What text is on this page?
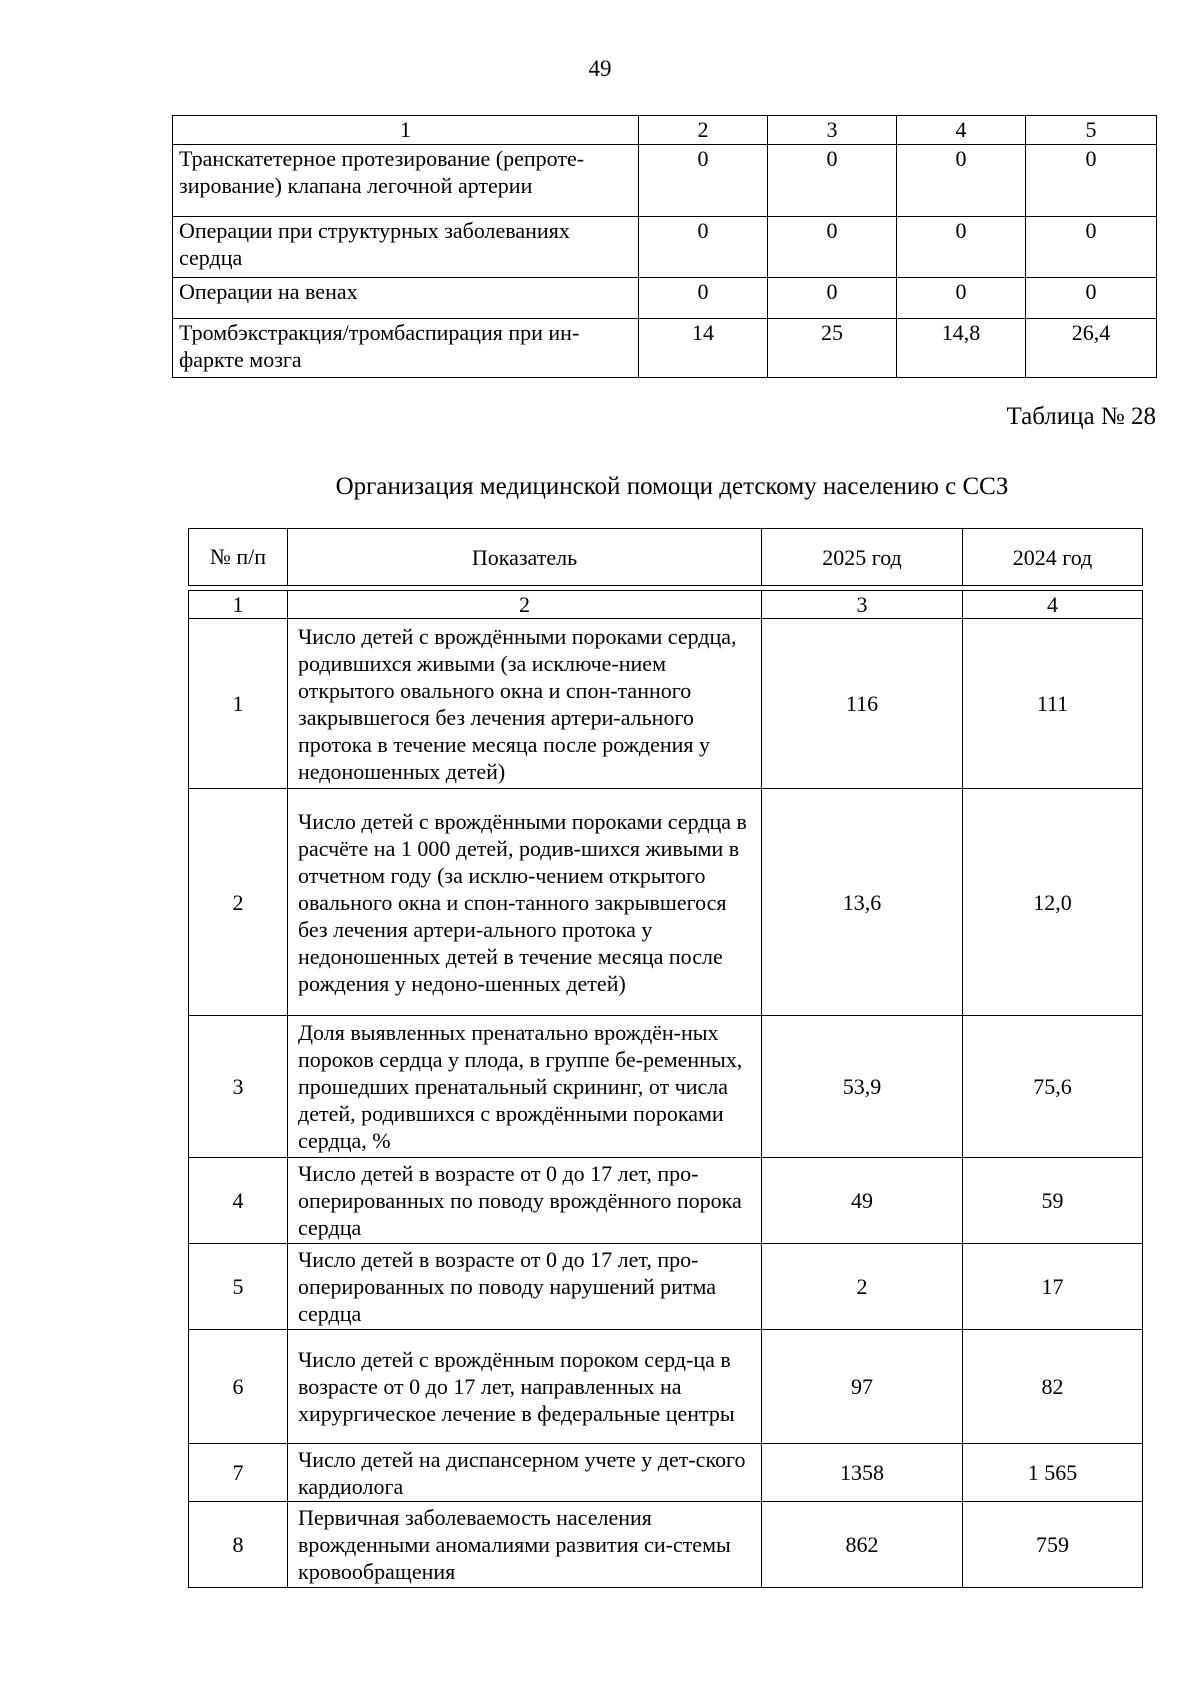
49
1	2	3	4	5
Транскатетерное протезирование (репроте-зирование) клапана легочной артерии	0	0	0	0
Операции при структурных заболеваниях сердца	0	0	0	0
Операции на венах	0	0	0	0
Тромбэкстракция/тромбаспирация при ин-фаркте мозга	14	25	14,8	26,4
Таблица № 28
Организация медицинской помощи детскому населению с ССЗ
№ п/п	Показатель	2025 год	2024 год

1	2	3	4
1	Число детей с врождёнными пороками сердца, родившихся живыми (за исключе-нием открытого овального окна и спон-танного закрывшегося без лечения артери-ального протока в течение месяца после рождения у недоношенных детей)	116	111
2	Число детей с врождёнными пороками сердца в расчёте на 1 000 детей, родив-шихся живыми в отчетном году (за исклю-чением открытого овального окна и спон-танного закрывшегося без лечения артери-ального протока у недоношенных детей в течение месяца после рождения у недоно-шенных детей)	13,6	12,0
3	Доля выявленных пренатально врождён-ных пороков сердца у плода, в группе бе-ременных, прошедших пренатальный скрининг, от числа детей, родившихся с врождёнными пороками сердца, %	53,9	75,6
4	Число детей в возрасте от 0 до 17 лет, про-оперированных по поводу врождённого порока сердца	49	59
5	Число детей в возрасте от 0 до 17 лет, про-оперированных по поводу нарушений ритма сердца	2	17
6	Число детей с врождённым пороком серд-ца в возрасте от 0 до 17 лет, направленных на хирургическое лечение в федеральные центры	97	82
7	Число детей на диспансерном учете у дет-ского кардиолога	1358	1 565
8	Первичная заболеваемость населения врожденными аномалиями развития си-стемы кровообращения	862	759
